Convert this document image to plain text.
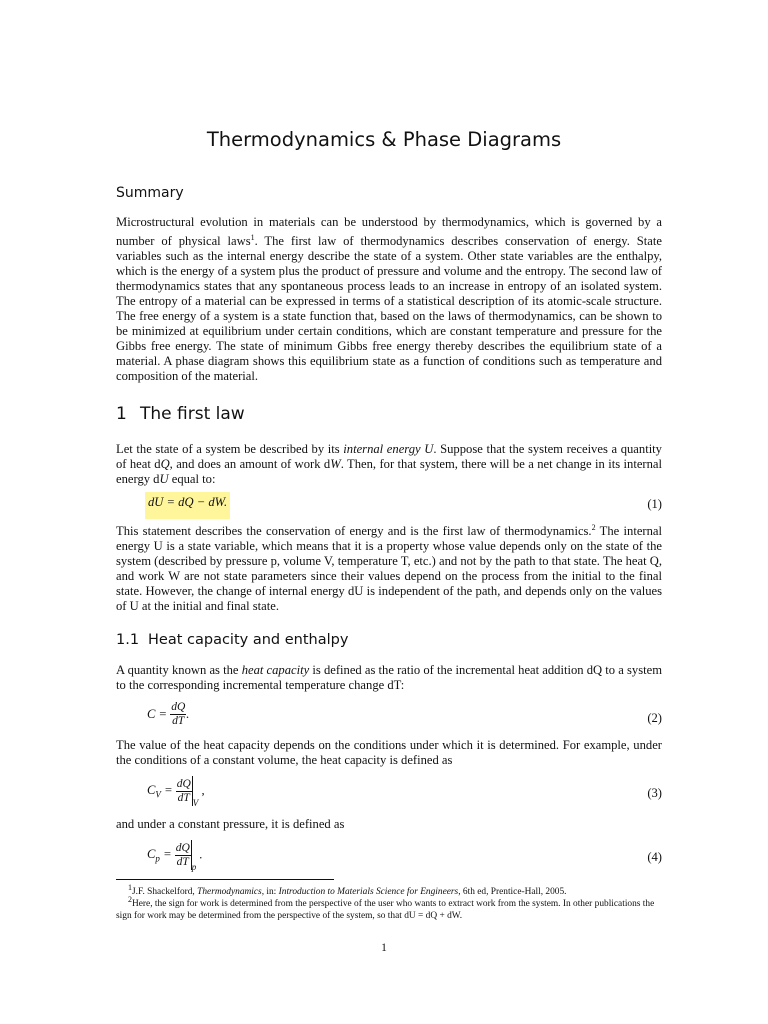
Thermodynamics & Phase Diagrams
Summary

Microstructural evolution in materials can be understood by thermodynamics, which is governed by a number of physical laws$^1$. The first law of thermodynamics describes conservation of energy. State variables such as the internal energy describe the state of a system. Other state variables are the enthalpy, which is the energy of a system plus the product of pressure and volume and the entropy. The second law of thermodynamics states that any spontaneous process leads to an increase in entropy of an isolated system. The entropy of a material can be expressed in terms of a statistical description of its atomic-scale structure. The free energy of a system is a state function that, based on the laws of thermodynamics, can be shown to be minimized at equilibrium under certain conditions, which are constant temperature and pressure for the Gibbs free energy. The state of minimum Gibbs free energy thereby describes the equilibrium state of a material. A phase diagram shows this equilibrium state as a function of conditions such as temperature and composition of the material.

1 The first law

Let the state of a system be described by its internal energy U. Suppose that the system receives a quantity of heat dQ, and does an amount of work dW. Then, for that system, there will be a net change in its internal energy dU equal to:

dU = dQ − dW.	(1)

This statement describes the conservation of energy and is the first law of thermodynamics.$^2$ The internal energy U is a state variable, which means that it is a property whose value depends only on the state of the system (described by pressure p, volume V, temperature T, etc.) and not by the path to that state. The heat Q, and work W are not state parameters since their values depend on the process from the initial to the final state. However, the change of internal energy dU is independent of the path, and depends only on the values of U at the initial and final state.

1.1 Heat capacity and enthalpy

A quantity known as the heat capacity is defined as the ratio of the incremental heat addition dQ to a system to the corresponding incremental temperature change dT:

$C = \frac{dQ}{dT}$ .	(2)

The value of the heat capacity depends on the conditions under which it is determined. For example, under the conditions of a constant volume, the heat capacity is defined as

$C_V = \frac{dQ}{dT} _V$ ,	(3)

and under a constant pressure, it is defined as

$C_p = \frac{dQ}{dT} _p$ .	(4)
$^1$J.F. Shackelford, Thermodynamics, in: Introduction to Materials Science for Engineers, 6th ed, Prentice-Hall, 2005.
$^2$Here, the sign for work is determined from the perspective of the user who wants to extract work from the system. In other publications the sign for work may be determined from the perspective of the system, so that dU = dQ + dW.
1
